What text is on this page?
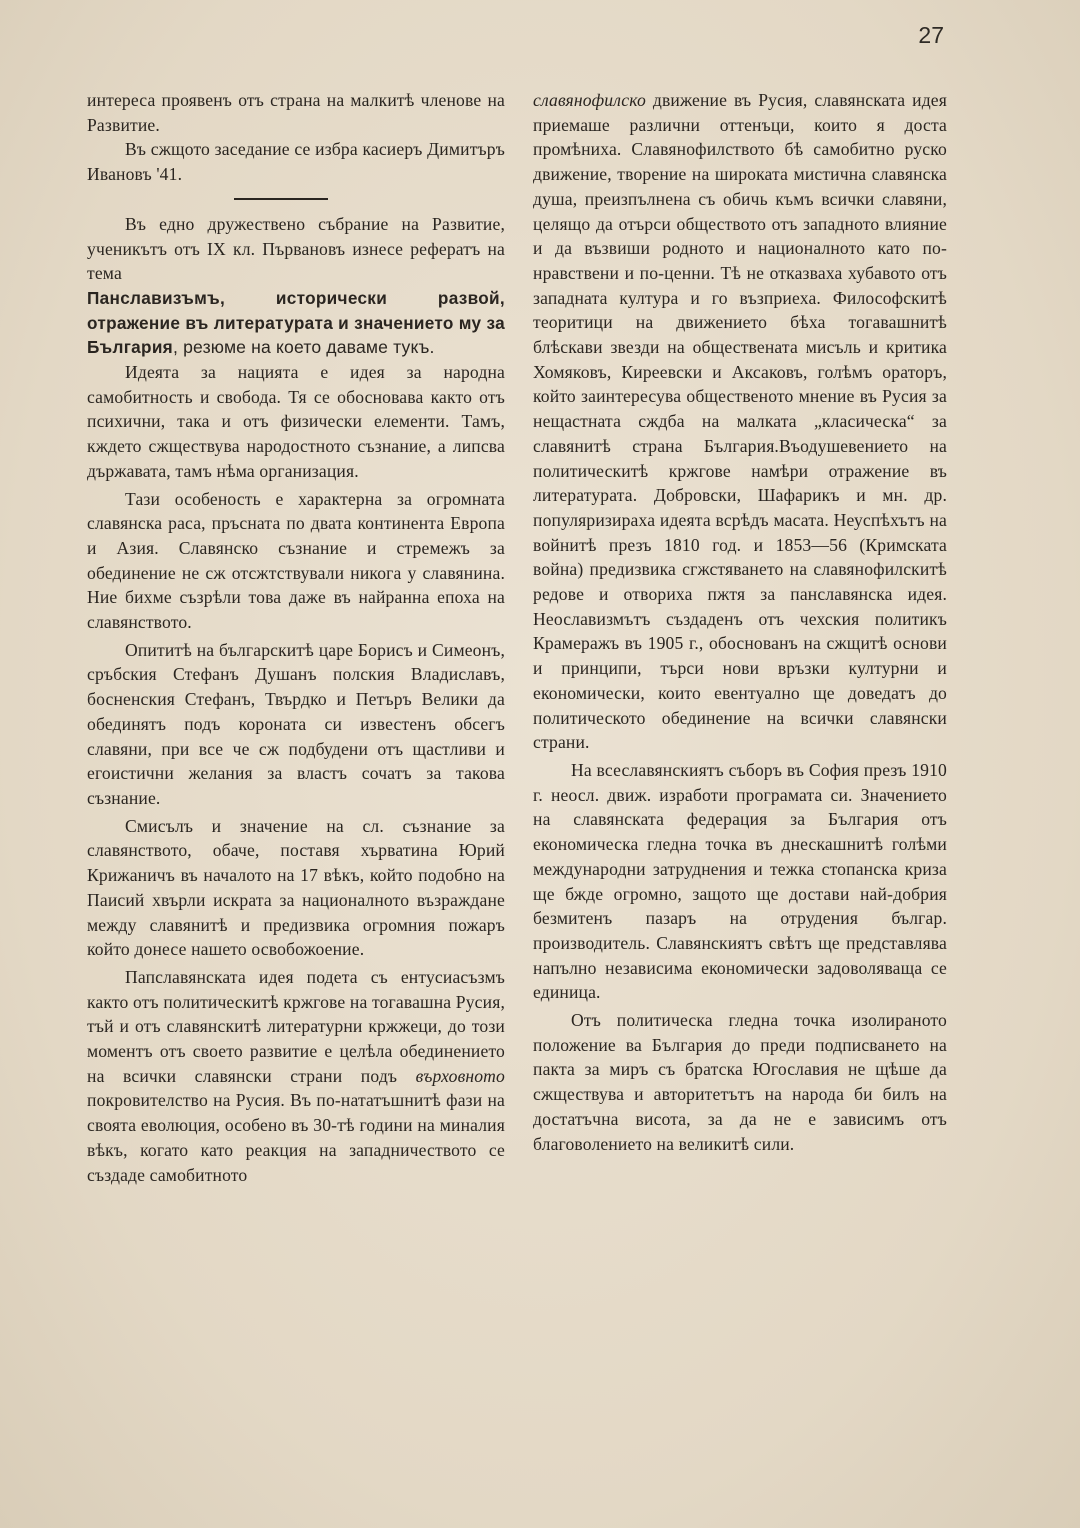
27

интереса проявенъ отъ страна на малкитѣ членове на Развитие.

Въ сжщото заседание се избра касиеръ Димитъръ Ивановъ '41.

Въ едно дружествено събрание на Развитие, ученикътъ отъ IX кл. Първановъ изнесе рефератъ на тема

Панславизъмъ, исторически развой, отражение въ литературата и значението му за България, резюме на което даваме тукъ.

Идеята за нацията е идея за народна самобитность и свобода. Тя се обосновава както отъ психични, така и отъ физически елементи. Тамъ, кждето сжществува народостното съзнание, а липсва държавата, тамъ нѣма организация.

Тази особеность е характерна за огромната славянска раса, пръсната по двата континента Европа и Азия. Славянско съзнание и стремежъ за обединение не сж отсжтствували никога у славянина. Ние бихме съзрѣли това даже въ найранна епоха на славянството.

Опититѣ на българскитѣ царе Борисъ и Симеонъ, сръбския Стефанъ Душанъ полския Владиславъ, босненския Стефанъ, Твърдко и Петъръ Велики да обединятъ подъ короната си известенъ обсегъ славяни, при все че сж подбудени отъ щастливи и егоистични желания за властъ сочатъ за такова съзнание.

Смисълъ и значение на сл. съзнание за славянството, обаче, поставя хърватина Юрий Крижаничъ въ началото на 17 вѣкъ, който подобно на Паисий хвърли искрата за националното възраждане между славянитѣ и предизвика огромния пожаръ който донесе нашето освобожоение.

Папславянската идея подета съ ентусиасъзмъ както отъ политическитѣ кржгове на тогавашна Русия, тъй и отъ славянскитѣ литературни кржжеци, до този моментъ отъ своето развитие е целѣла обединението на всички славянски страни подъ върховното покровителство на Русия. Въ по-нататъшнитѣ фази на своята еволюция, особено въ 30-тѣ години на миналия вѣкъ, когато като реакция на западничеството се създаде самобитното

славянофилско движение въ Русия, славянската идея приемаше различни оттенъци, които я доста промѣниха. Славянофилството бѣ самобитно руско движение, творение на широката мистична славянска душа, преизпълнена съ обичь къмъ всички славяни, целящо да отърси обществото отъ западното влияние и да възвиши родното и националното като по-нравствени и по-ценни. Тѣ не отказваха хубавото отъ западната култура и го възприеха. Философскитѣ теоритици на движението бѣха тогавашнитѣ блѣскави звезди на обществената мисъль и критика Хомяковъ, Киреевски и Аксаковъ, голѣмъ ораторъ, който заинтересува общественото мнение въ Русия за нещастната сждба на малката „класическа“ за славянитѣ страна България.Въодушевението на политическитѣ кржгове намѣри отражение въ литературата. Добровски, Шафарикъ и мн. др. популяризираха идеята всрѣдъ масата. Неуспѣхътъ на войнитѣ презъ 1810 год. и 1853—56 (Кримската война) предизвика сгжстяването на славянофилскитѣ редове и отвориха пжтя за панславянска идея. Неославизмътъ създаденъ отъ чехския политикъ Крамеражъ въ 1905 г., обоснованъ на сжщитѣ основи и принципи, търси нови връзки културни и економически, които евентуално ще доведатъ до политическото обединение на всички славянски страни.

На всеславянскиятъ съборъ въ София презъ 1910 г. неосл. движ. изработи програмата си. Значението на славянската федерация за България отъ економическа гледна точка въ днескашнитѣ голѣми международни затруднения и тежка стопанска криза ще бжде огромно, защото ще достави най-добрия безмитенъ пазаръ на отрудения българ. производитель. Славянскиятъ свѣтъ ще представлява напълно независима економически задоволяваща се единица.

Отъ политическа гледна точка изолираното положение ва България до преди подписването на пакта за миръ съ братска Югославия не щѣше да сжществува и авторитетътъ на народа би билъ на достатъчна висота, за да не е зависимъ отъ благоволението на великитѣ сили.
